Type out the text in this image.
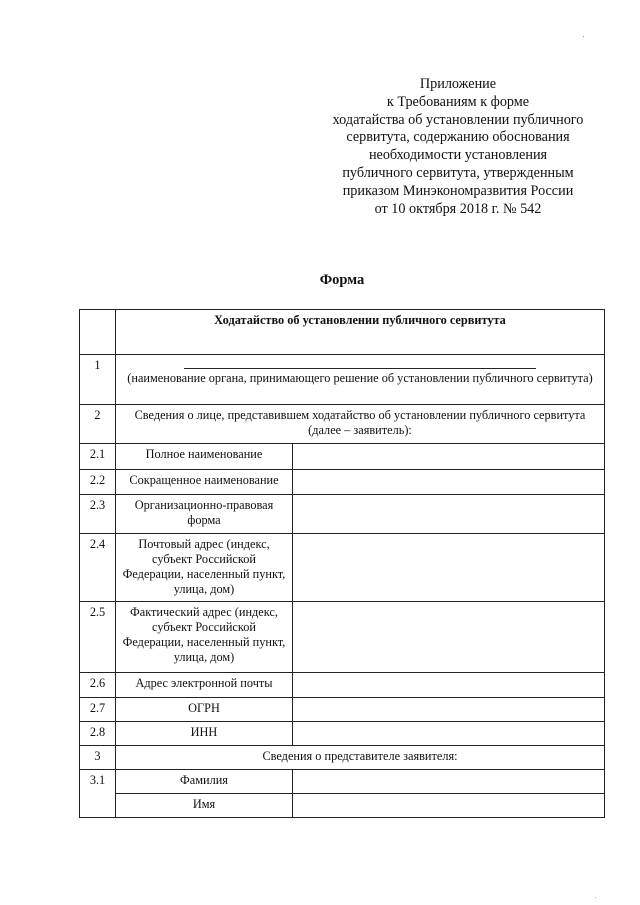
Приложение
к Требованиям к форме
ходатайства об установлении публичного
сервитута, содержанию обоснования
необходимости установления
публичного сервитута, утвержденным
приказом Минэкономразвития России
от 10 октября 2018 г. № 542
Форма
	Ходатайство об установлении публичного сервитута	
1	(наименование органа, принимающего решение об установлении публичного сервитута)	

2	Сведения о лице, представившем ходатайство об установлении публичного сервитута (далее – заявитель):	
2.1	Полное наименование	
2.2	Сокращенное наименование	
2.3	Организационно-правовая форма	
2.4	Почтовый адрес (индекс, субъект Российской Федерации, населенный пункт, улица, дом)	
2.5	Фактический адрес (индекс, субъект Российской Федерации, населенный пункт, улица, дом)	
2.6	Адрес электронной почты	
2.7	ОГРН	
2.8	ИНН	
3	Сведения о представителе заявителя:	
3.1	Фамилия	
	Имя	
